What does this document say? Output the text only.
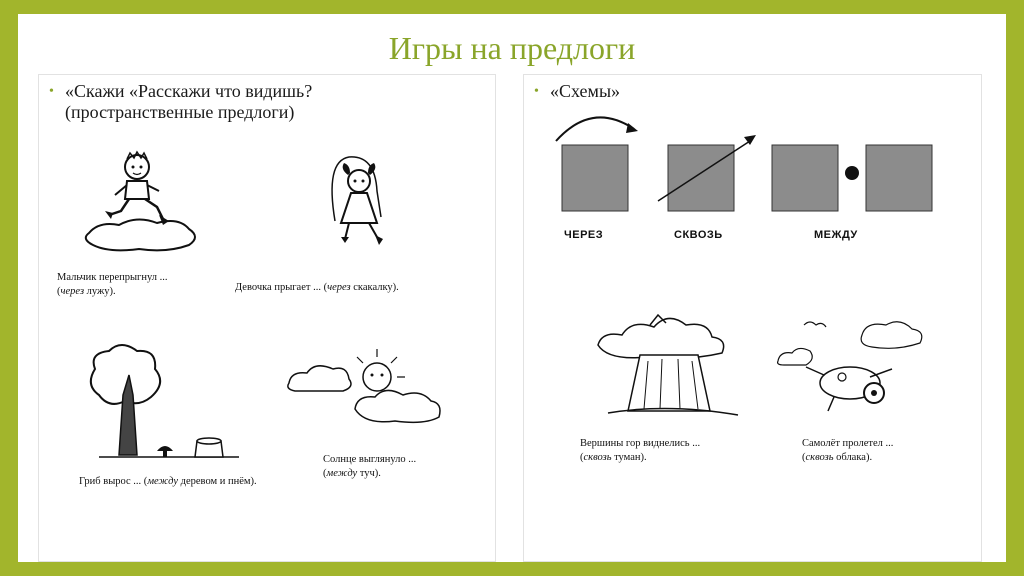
Игры на предлоги
• «Скажи «Расскажи что видишь?
(пространственные предлоги)
Мальчик перепрыгнул ...
(через лужу).	Девочка прыгает ... (через скакалку).
Гриб вырос ... (между деревом и пнём).
Солнце выглянуло ...
(между туч).
• «Схемы»
ЧЕРЕЗ	СКВОЗЬ	МЕЖДУ
Вершины гор виднелись ...
(сквозь туман).
Самолёт пролетел ...
(сквозь облака).
